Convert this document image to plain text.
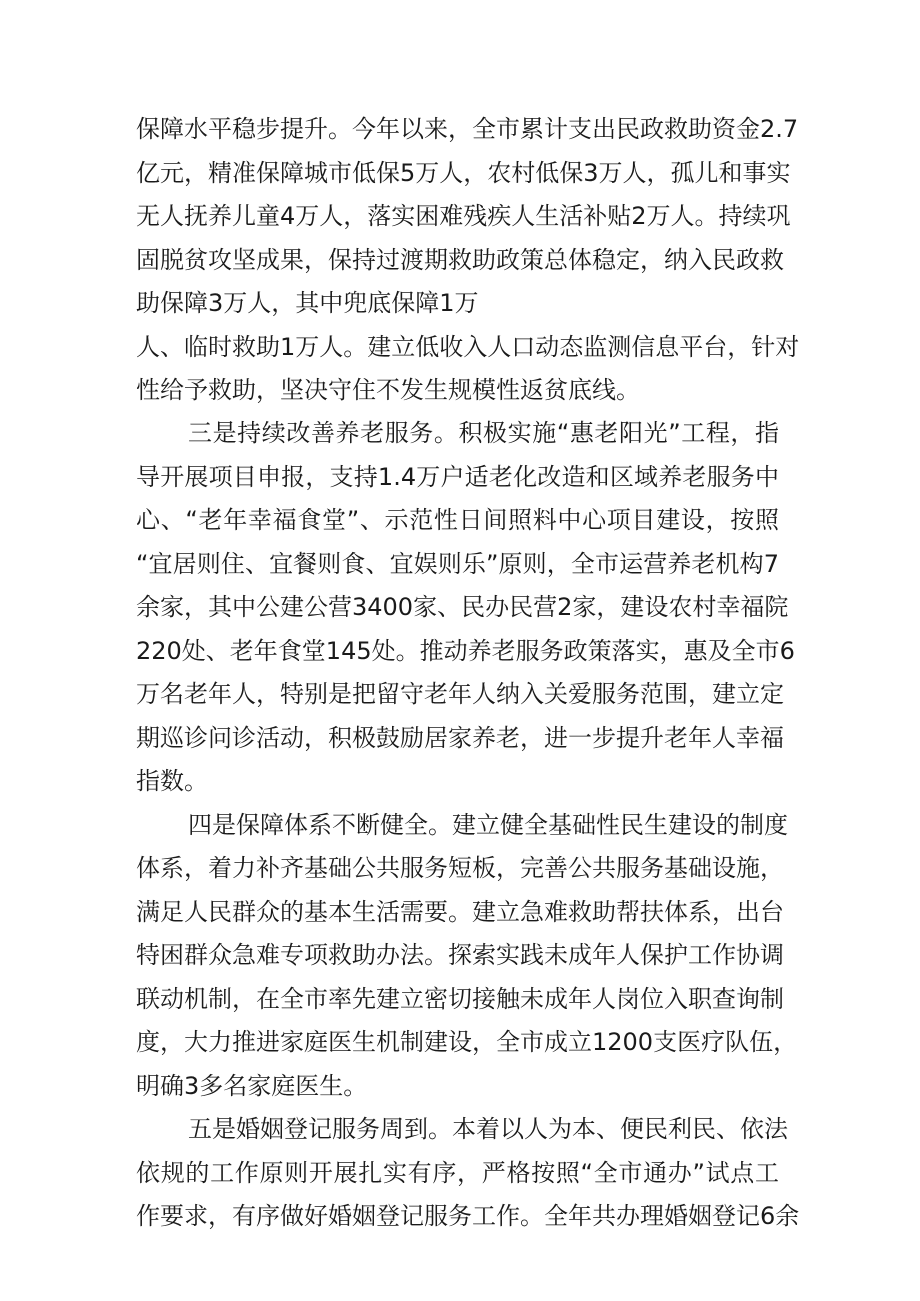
保障水平稳步提升。今年以来，全市累计支出民政救助资金2.7
亿元，精准保障城市低保5万人，农村低保3万人，孤儿和事实
无人抚养儿童4万人，落实困难残疾人生活补贴2万人。持续巩
固脱贫攻坚成果，保持过渡期救助政策总体稳定，纳入民政救
助保障3万人，其中兜底保障1万
人、临时救助1万人。建立低收入人口动态监测信息平台，针对
性给予救助，坚决守住不发生规模性返贫底线。
三是持续改善养老服务。积极实施“惠老阳光”工程，指
导开展项目申报，支持1.4万户适老化改造和区域养老服务中
心、“老年幸福食堂”、示范性日间照料中心项目建设，按照
“宜居则住、宜餐则食、宜娱则乐”原则，全市运营养老机构7
余家，其中公建公营3400家、民办民营2家，建设农村幸福院
220处、老年食堂145处。推动养老服务政策落实，惠及全市6
万名老年人，特别是把留守老年人纳入关爱服务范围，建立定
期巡诊问诊活动，积极鼓励居家养老，进一步提升老年人幸福
指数。
四是保障体系不断健全。建立健全基础性民生建设的制度
体系，着力补齐基础公共服务短板，完善公共服务基础设施，
满足人民群众的基本生活需要。建立急难救助帮扶体系，出台
特困群众急难专项救助办法。探索实践未成年人保护工作协调
联动机制，在全市率先建立密切接触未成年人岗位入职查询制
度，大力推进家庭医生机制建设，全市成立1200支医疗队伍，
明确3多名家庭医生。
五是婚姻登记服务周到。本着以人为本、便民利民、依法
依规的工作原则开展扎实有序，严格按照“全市通办”试点工
作要求，有序做好婚姻登记服务工作。全年共办理婚姻登记6余
